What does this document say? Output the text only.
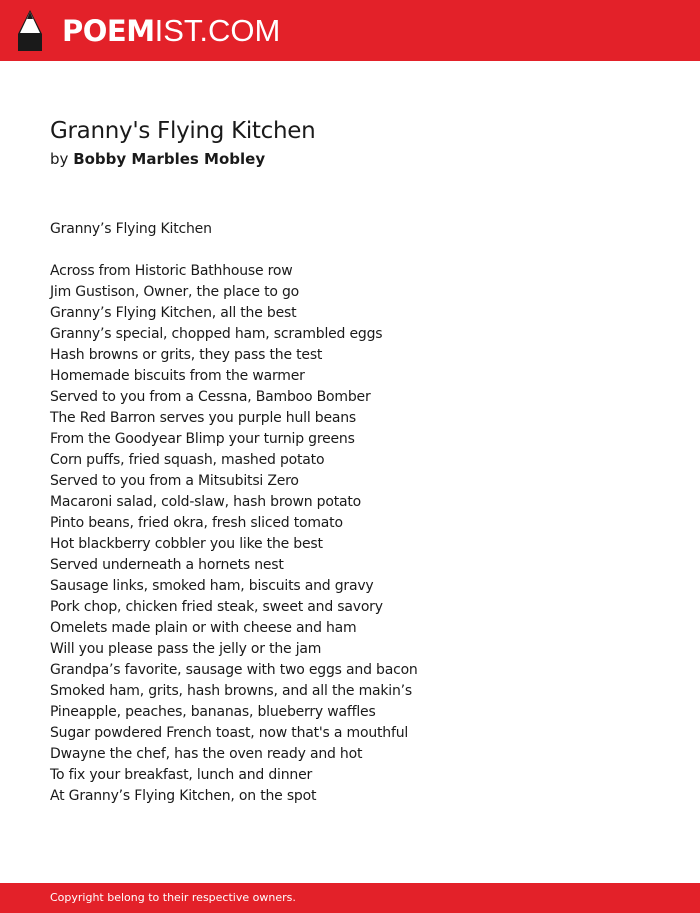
POEMIST.COM
Granny's Flying Kitchen
by Bobby Marbles Mobley
Granny’s Flying Kitchen
Across from Historic Bathhouse row
Jim Gustison, Owner, the place to go
Granny’s Flying Kitchen, all the best
Granny’s special, chopped ham, scrambled eggs
Hash browns or grits, they pass the test
Homemade biscuits from the warmer
Served to you from a Cessna, Bamboo Bomber
The Red Barron serves you purple hull beans
From the Goodyear Blimp your turnip greens
Corn puffs, fried squash, mashed potato
Served to you from a Mitsubitsi Zero
Macaroni salad, cold-slaw, hash brown potato
Pinto beans, fried okra, fresh sliced tomato
Hot blackberry cobbler you like the best
Served underneath a hornets nest
Sausage links, smoked ham, biscuits and gravy
Pork chop, chicken fried steak, sweet and savory
Omelets made plain or with cheese and ham
Will you please pass the jelly or the jam
Grandpa’s favorite, sausage with two eggs and bacon
Smoked ham, grits, hash browns, and all the makin’s
Pineapple, peaches, bananas, blueberry waffles
Sugar powdered French toast, now that's a mouthful
Dwayne the chef, has the oven ready and hot
To fix your breakfast, lunch and dinner
At Granny’s Flying Kitchen, on the spot
Copyright belong to their respective owners.
